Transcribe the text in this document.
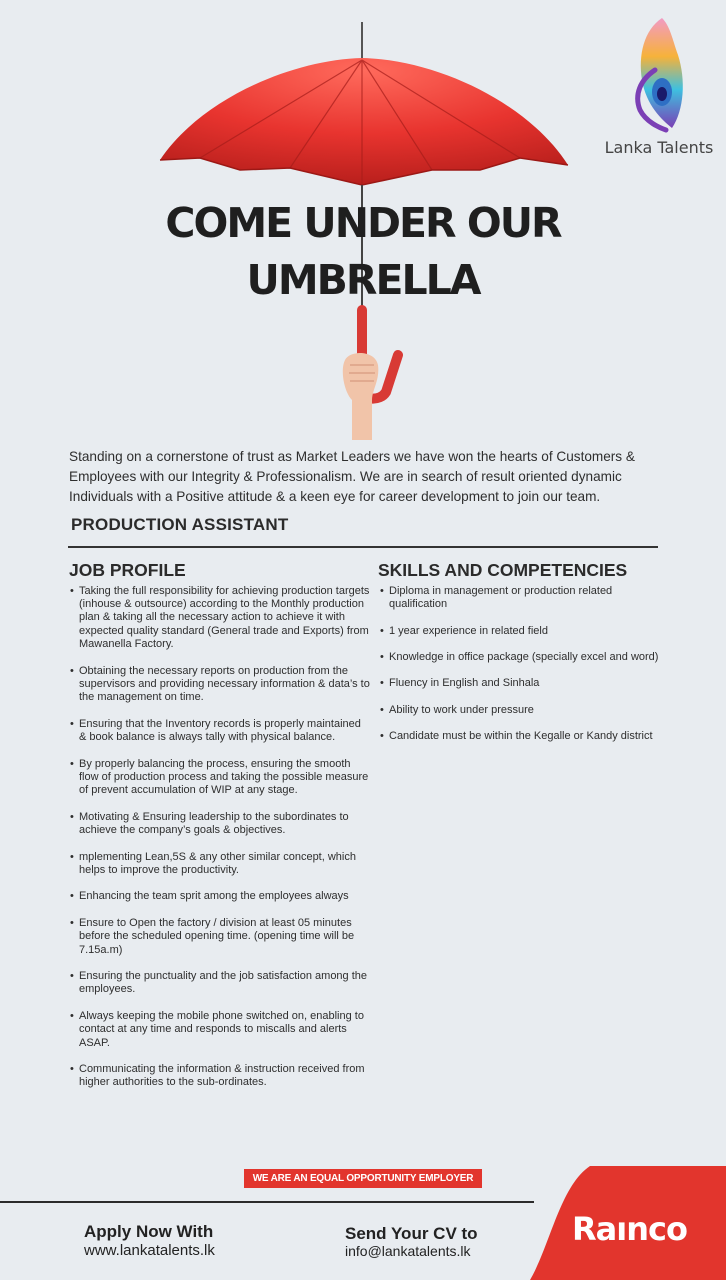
Lanka Talents
COME UNDER OUR
UMBRELLA
Standing on a cornerstone of trust as Market Leaders we have won the hearts of Customers & Employees with our Integrity & Professionalism. We are in search of result oriented dynamic Individuals with a Positive attitude & a keen eye for career development to join our team.
PRODUCTION ASSISTANT
JOB PROFILE
• Taking the full responsibility for achieving production targets (inhouse & outsource) according to the Monthly production plan & taking all the necessary action to achieve it with expected quality standard (General trade and Exports) from Mawanella Factory.
• Obtaining the necessary reports on production from the supervisors and providing necessary information & data’s to the management on time.
• Ensuring that the Inventory records is properly maintained & book balance is always tally with physical balance.
• By properly balancing the process, ensuring the smooth flow of production process and taking the possible measure of prevent accumulation of WIP at any stage.
• Motivating & Ensuring leadership to the subordinates to achieve the company’s goals & objectives.
• mplementing Lean,5S & any other similar concept, which helps to improve the productivity.
• Enhancing the team sprit among the employees always
• Ensure to Open the factory / division at least 05 minutes before the scheduled opening time. (opening time will be 7.15a.m)
• Ensuring the punctuality and the job satisfaction among the employees.
• Always keeping the mobile phone switched on, enabling to contact at any time and responds to miscalls and alerts ASAP.
• Communicating the information & instruction received from higher authorities to the sub-ordinates.
SKILLS AND COMPETENCIES
• Diploma in management or production related qualification
• 1 year experience in related field
• Knowledge in office package (specially excel and word)
• Fluency in English and Sinhala
• Ability to work under pressure
• Candidate must be within the Kegalle or Kandy district
WE ARE AN EQUAL OPPORTUNITY EMPLOYER
Raınco
Apply Now With
www.lankatalents.lk
Send Your CV to
info@lankatalents.lk
